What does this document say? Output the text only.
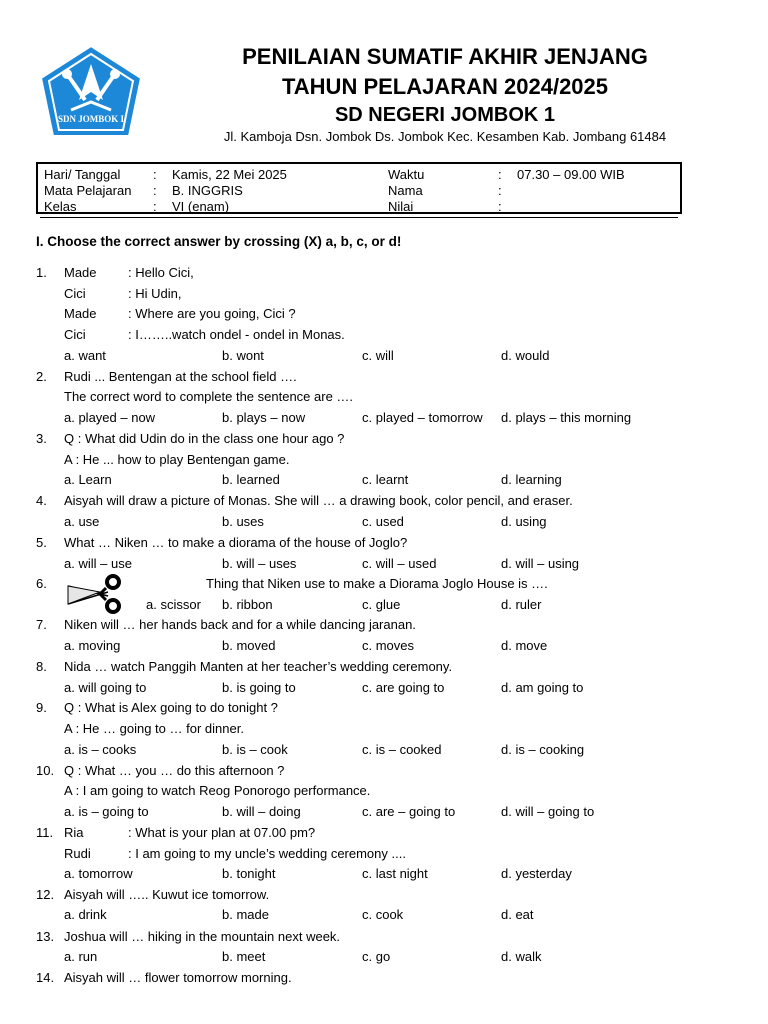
SDN JOMBOK I
PENILAIAN SUMATIF AKHIR JENJANG
TAHUN PELAJARAN 2024/2025
SD NEGERI JOMBOK 1
Jl. Kamboja Dsn. Jombok Ds. Jombok Kec. Kesamben Kab. Jombang 61484
Hari/ Tanggal	: Kamis, 22 Mei 2025
Mata Pelajaran : B. INGGRIS
Kelas	: VI (enam)
Waktu	: 07.30 – 09.00 WIB
Nama	:
Nilai	:
I. Choose the correct answer by crossing (X) a, b, c, or d!
1. Made : Hello Cici,
Cici	: Hi Udin,
Made : Where are you going, Cici ?
Cici	: I……..watch ondel - ondel in Monas.
a. want	b. wont	c. will	d. would
2. Rudi ... Bentengan at the school field ….
The correct word to complete the sentence are ….
a. played – now	b. plays – now	c. played – tomorrow d. plays – this morning
3. Q : What did Udin do in the class one hour ago ?
A : He ... how to play Bentengan game.
a. Learn	b. learned	c. learnt	d. learning
4. Aisyah will draw a picture of Monas. She will … a drawing book, color pencil, and eraser.
a. use	b. uses	c. used	d. using
5. What … Niken … to make a diorama of the house of Joglo?
a. will – use	b. will – uses	c. will – used	d. will – using
6.	Thing that Niken use to make a Diorama Joglo House is ….
a. scissor b. ribbon	c. glue	d. ruler
7. Niken will … her hands back and for a while dancing jaranan.
a. moving	b. moved	c. moves	d. move
8. Nida … watch Panggih Manten at her teacher’s wedding ceremony.
a. will going to	b. is going to	c. are going to	d. am going to
9. Q : What is Alex going to do tonight ?
A : He … going to … for dinner.
a. is – cooks	b. is – cook	c. is – cooked	d. is – cooking
10. Q : What … you … do this afternoon ?
A : I am going to watch Reog Ponorogo performance.
a. is – going to	b. will – doing	c. are – going to	d. will – going to
11. Ria	: What is your plan at 07.00 pm?
Rudi	: I am going to my uncle’s wedding ceremony ....
a. tomorrow	b. tonight	c. last night	d. yesterday
12. Aisyah will ….. Kuwut ice tomorrow.
a. drink	b. made	c. cook	d. eat
13. Joshua will … hiking in the mountain next week.
a. run	b. meet	c. go	d. walk
14. Aisyah will … flower tomorrow morning.
